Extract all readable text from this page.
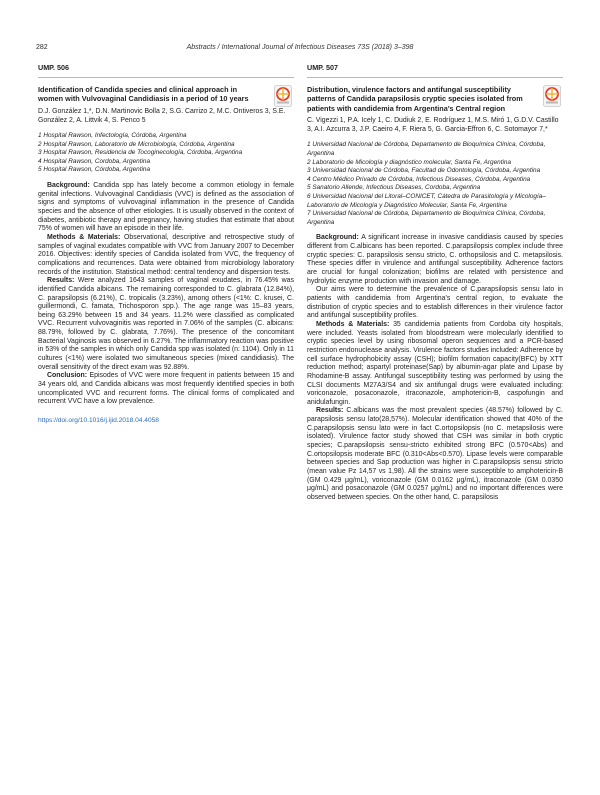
282	Abstracts / International Journal of Infectious Diseases 73S (2018) 3–398
UMP. 506
Identification of Candida species and clinical approach in women with Vulvovaginal Candidiasis in a period of 10 years
D.J. González 1,*, D.N. Martinovic Bolla 2, S.G. Carrizo 2, M.C. Ontiveros 3, S.E. González 2, A. Littvik 4, S. Penco 5
1 Hospital Rawson, Infectología, Córdoba, Argentina
2 Hospital Rawson, Laboratorio de Microbiología, Córdoba, Argentina
3 Hospital Rawson, Residencia de Tocoginecología, Córdoba, Argentina
4 Hospital Rawson, Cordoba, Argentina
5 Hospital Rawson, Córdoba, Argentina

Background: Candida spp has lately become a common etiology in female genital infections. Vulvovaginal Candidiasis (VVC) is defined as the association of signs and symptoms of vulvovaginal inflammation in the presence of Candida species and the absence of other etiologies. It is usually observed in the context of diabetes, antibiotic therapy and pregnancy, having studies that estimate that about 75% of women will have an episode in their life.

Methods & Materials: Observational, descriptive and retrospective study of samples of vaginal exudates compatible with VVC from January 2007 to December 2016. Objectives: identify species of Candida isolated from VVC, the frequency of complications and recurrences. Data were obtained from microbiology laboratory records of the institution. Statistical method: central tendency and dispersion tests.

Results: Were analyzed 1643 samples of vaginal exudates, in 76.45% was identified Candida albicans. The remaining corresponded to C. glabrata (12.84%), C. parapsilopsis (6.21%), C. tropicalis (3.23%), among others (<1%: C. krusei, C. guillermondi, C. famata, Trichosporon spp.). The age range was 15–83 years, being 63.29% between 15 and 34 years. 11.2% were classified as complicated VVC. Recurrent vulvovaginitis was reported in 7.06% of the samples (C. albicans: 88.79%, followed by C. glabrata, 7.76%). The presence of the concomitant Bacterial Vaginosis was observed in 6.27%. The inflammatory reaction was positive in 53% of the samples in which only Candida spp was isolated (n: 1104). Only in 11 cultures (<1%) were isolated two simultaneous species (mixed candidiasis). The overall sensitivity of the direct exam was 92.88%.

Conclusion: Episodes of VVC were more frequent in patients between 15 and 34 years old, and Candida albicans was most frequently identified species in both uncomplicated VVC and recurrent forms. The clinical forms of complicated and recurrent VVC have a low prevalence.

https://doi.org/10.1016/j.ijid.2018.04.4058
UMP. 507
Distribution, virulence factors and antifungal susceptibility patterns of Candida parapsilosis cryptic species isolated from patients with candidemia from Argentina's Central region
C. Vigezzi 1, P.A. Icely 1, C. Dudiuk 2, E. Rodríguez 1, M.S. Miró 1, G.D.V. Castillo 3, A.I. Azcurra 3, J.P. Caeiro 4, F. Riera 5, G. Garcia-Effron 6, C. Sotomayor 7,*
1 Universidad Nacional de Córdoba, Departamento de Bioquímica Clínica, Córdoba, Argentina
2 Laboratorio de Micología y diagnóstico molecular, Santa Fe, Argentina
3 Universidad Nacional de Córdoba, Facultad de Odontología, Córdoba, Argentina
4 Centro Médico Privado de Córdoba, Infectious Diseases, Córdoba, Argentina
5 Sanatorio Allende, Infectious Diseases, Cordoba, Argentina
6 Universidad Nacional del Litoral–CONICET, Cátedra de Parasitología y Micología–Laboratorio de Micología y Diagnóstico Molecular, Santa Fe, Argentina
7 Universidad Nacional de Córdoba, Departamento de Bioquímica Clínica, Córdoba, Argentina

Background: A significant increase in invasive candidiasis caused by species different from C.albicans has been reported. C.parapsilopsis complex include three cryptic species: C. parapsilosis sensu stricto, C. orthopsilosis and C. metapsilosis. These species differ in virulence and antifungal susceptibility. Adherence factors are crucial for fungal colonization; biofilms are related with persistence and hydrolytic enzyme production with invasion and damage.

Our aims were to determine the prevalence of C.parapsilopsis sensu lato in patients with candidemia from Argentina's central region, to evaluate the distribution of cryptic species and to establish differences in their virulence factor and antifungal susceptibility profiles.

Methods & Materials: 35 candidemia patients from Cordoba city hospitals, were included. Yeasts isolated from bloodstream were molecularly identified to cryptic species level by using ribosomal operon sequences and a PCR-based restriction endonuclease analysis. Virulence factors studies included: Adherence by cell surface hydrophobicity assay (CSH); biofilm formation capacity(BFC) by XTT reduction method; aspartyl proteinase(Sap) by albumin-agar plate and Lipase by Rhodamine-B assay. Antifungal susceptibility testing was performed by using the CLSI documents M27A3/S4 and six antifungal drugs were evaluated including: voriconazole, posaconazole, itraconazole, amphotericin-B, caspofungin and anidulafungin.

Results: C.albicans was the most prevalent species (48.57%) followed by C. parapsilosis sensu lato(28,57%). Molecular identification showed that 40% of the C.parapsilopsis sensu lato were in fact C.ortopsilopsis (no C. metapsilosis were isolated). Virulence factor study showed that CSH was similar in both cryptic species; C.parapsilopsis sensu-stricto exhibited strong BFC (0.570<Abs) and C.ortopsilopsis moderate BFC (0.310<Abs<0.570). Lipase levels were comparable between species and Sap production was higher in C.parapsilopsis sensu stricto (mean value Pz 14,57 vs 1,98). All the strains were susceptible to amphotericin-B (GM 0.429 μg/mL), voriconazole (GM 0.0162 μg/mL), itraconazole (GM 0.0350 μg/mL) and posaconazole (GM 0.0257 μg/mL) and no important differences were observed between species. On the other hand, C. parapsilosis
